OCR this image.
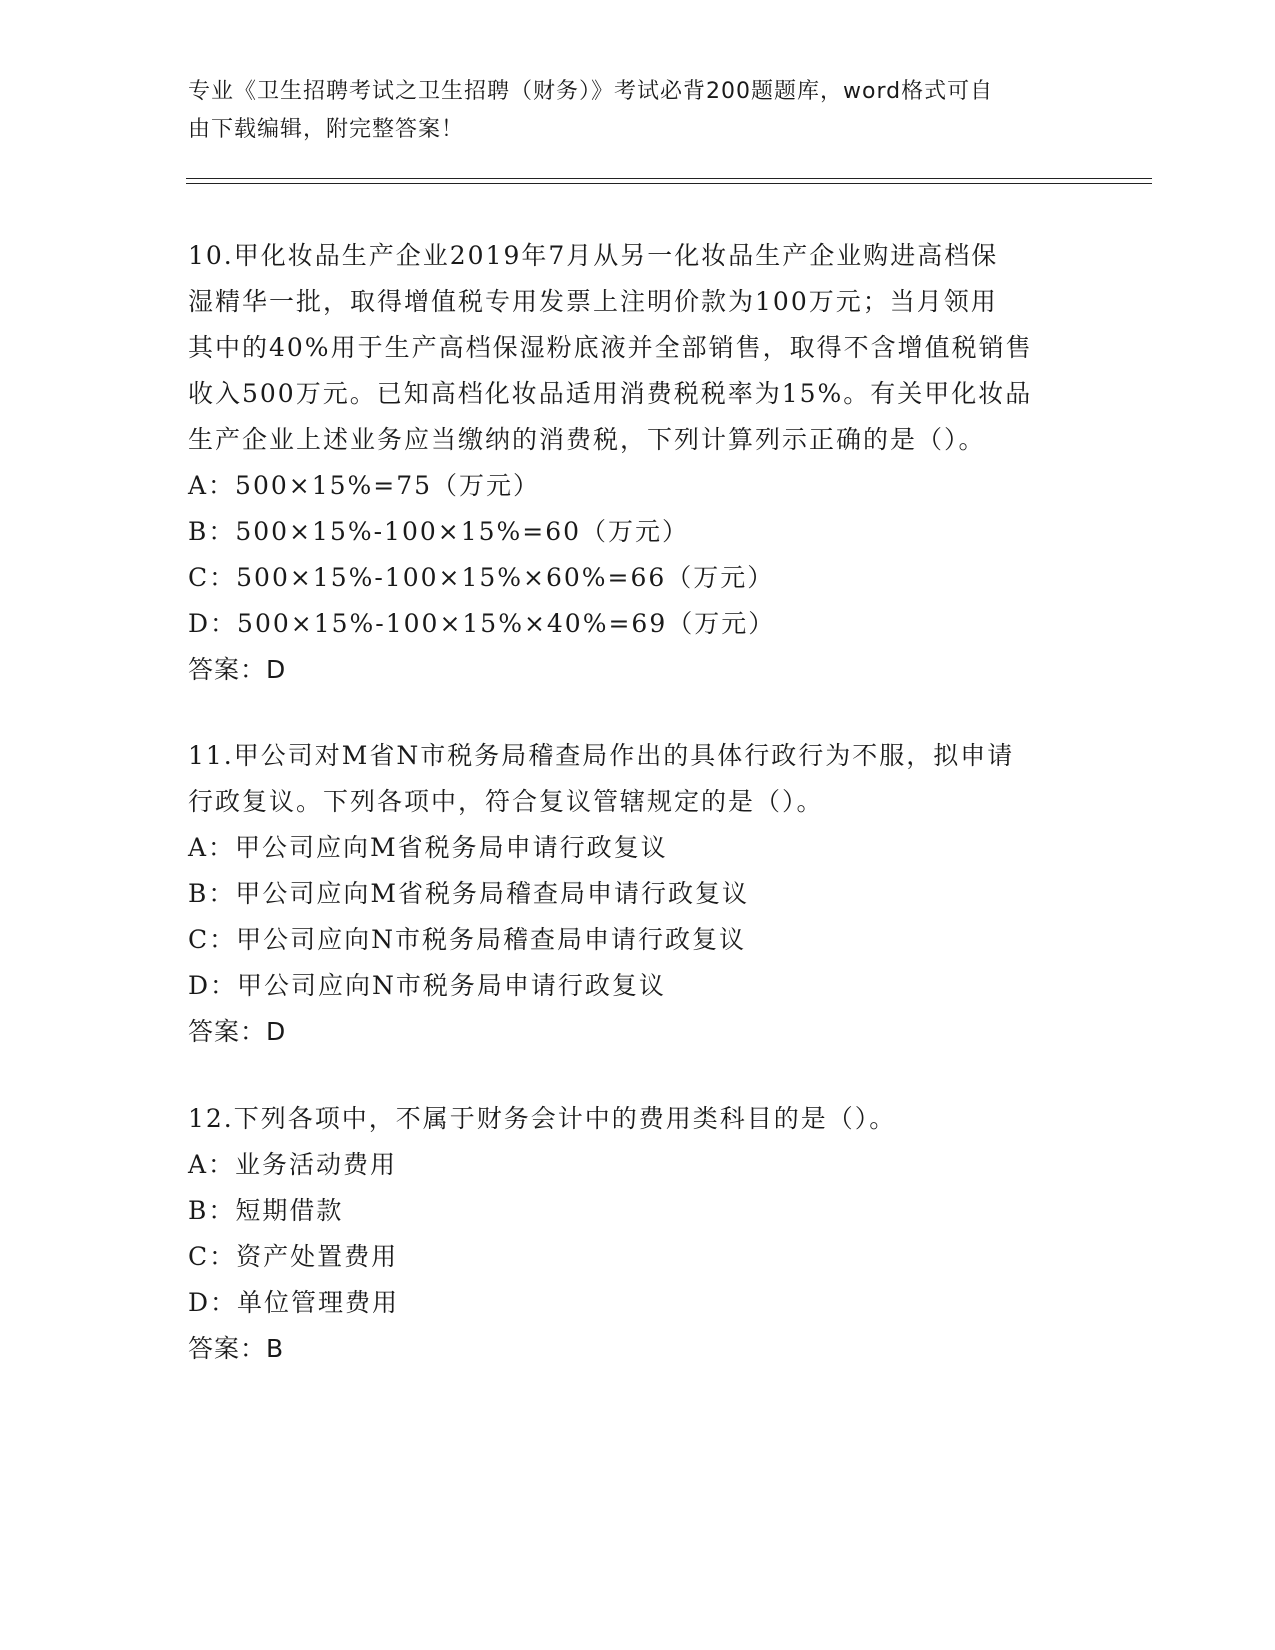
专业《卫生招聘考试之卫生招聘（财务）》考试必背200题题库，word格式可自
由下载编辑，附完整答案！
10.甲化妆品生产企业2019年7月从另一化妆品生产企业购进高档保
湿精华一批，取得增值税专用发票上注明价款为100万元；当月领用
其中的40%用于生产高档保湿粉底液并全部销售，取得不含增值税销售
收入500万元。已知高档化妆品适用消费税税率为15%。有关甲化妆品
生产企业上述业务应当缴纳的消费税，下列计算列示正确的是（）。
A：500×15%=75（万元）
B：500×15%-100×15%=60（万元）
C：500×15%-100×15%×60%=66（万元）
D：500×15%-100×15%×40%=69（万元）
答案：D
11.甲公司对M省N市税务局稽查局作出的具体行政行为不服，拟申请
行政复议。下列各项中，符合复议管辖规定的是（）。
A：甲公司应向M省税务局申请行政复议
B：甲公司应向M省税务局稽查局申请行政复议
C：甲公司应向N市税务局稽查局申请行政复议
D：甲公司应向N市税务局申请行政复议
答案：D
12.下列各项中，不属于财务会计中的费用类科目的是（）。
A：业务活动费用
B：短期借款
C：资产处置费用
D：单位管理费用
答案：B
